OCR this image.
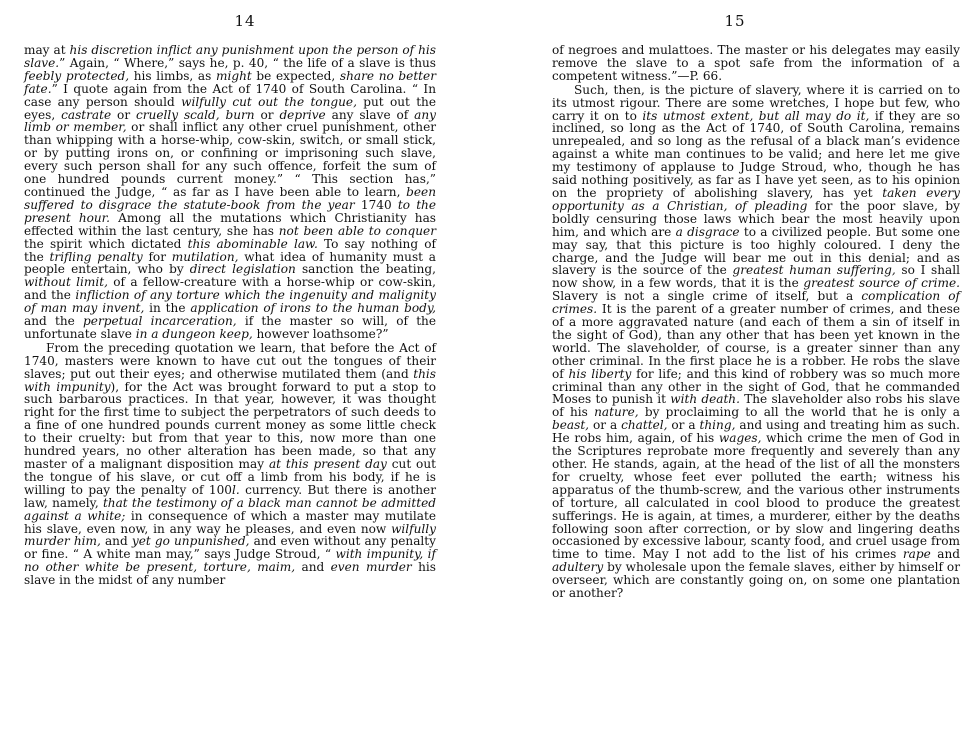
14

may at his discretion inflict any punishment upon the person of his slave.” Again, “ Where,” says he, p. 40, “ the life of a slave is thus feebly protected, his limbs, as might be expected, share no better fate.” I quote again from the Act of 1740 of South Carolina. “ In case any person should wilfully cut out the tongue, put out the eyes, castrate or cruelly scald, burn or deprive any slave of any limb or member, or shall inflict any other cruel punishment, other than whipping with a horse-whip, cow-skin, switch, or small stick, or by putting irons on, or confining or imprisoning such slave, every such person shall for any such offence, forfeit the sum of one hundred pounds current money.” “ This section has,” continued the Judge, “ as far as I have been able to learn, been suffered to disgrace the statute-book from the year 1740 to the present hour. Among all the mutations which Christianity has effected within the last century, she has not been able to conquer the spirit which dictated this abominable law. To say nothing of the trifling penalty for mutilation, what idea of humanity must a people entertain, who by direct legislation sanction the beating, without limit, of a fellow-creature with a horse-whip or cow-skin, and the infliction of any torture which the ingenuity and malignity of man may invent, in the application of irons to the human body, and the perpetual incarceration, if the master so will, of the unfortunate slave in a dungeon keep, however loathsome?”

From the preceding quotation we learn, that before the Act of 1740, masters were known to have cut out the tongues of their slaves; put out their eyes; and otherwise mutilated them (and this with impunity), for the Act was brought forward to put a stop to such barbarous practices. In that year, however, it was thought right for the first time to subject the perpetrators of such deeds to a fine of one hundred pounds current money as some little check to their cruelty: but from that year to this, now more than one hundred years, no other alteration has been made, so that any master of a malignant disposition may at this present day cut out the tongue of his slave, or cut off a limb from his body, if he is willing to pay the penalty of 100l. currency. But there is another law, namely, that the testimony of a black man cannot be admitted against a white; in consequence of which a master may mutilate his slave, even now, in any way he pleases, and even now wilfully murder him, and yet go unpunished, and even without any penalty or fine. “ A white man may,” says Judge Stroud, “ with impunity, if no other white be present, torture, maim, and even murder his slave in the midst of any number

15

of negroes and mulattoes. The master or his delegates may easily remove the slave to a spot safe from the information of a competent witness.”—P. 66.

Such, then, is the picture of slavery, where it is carried on to its utmost rigour. There are some wretches, I hope but few, who carry it on to its utmost extent, but all may do it, if they are so inclined, so long as the Act of 1740, of South Carolina, remains unrepealed, and so long as the refusal of a black man’s evidence against a white man continues to be valid; and here let me give my testimony of applause to Judge Stroud, who, though he has said nothing positively, as far as I have yet seen, as to his opinion on the propriety of abolishing slavery, has yet taken every opportunity as a Christian, of pleading for the poor slave, by boldly censuring those laws which bear the most heavily upon him, and which are a disgrace to a civilized people. But some one may say, that this picture is too highly coloured. I deny the charge, and the Judge will bear me out in this denial; and as slavery is the source of the greatest human suffering, so I shall now show, in a few words, that it is the greatest source of crime. Slavery is not a single crime of itself, but a complication of crimes. It is the parent of a greater number of crimes, and these of a more aggravated nature (and each of them a sin of itself in the sight of God), than any other that has been yet known in the world. The slaveholder, of course, is a greater sinner than any other criminal. In the first place he is a robber. He robs the slave of his liberty for life; and this kind of robbery was so much more criminal than any other in the sight of God, that he commanded Moses to punish it with death. The slaveholder also robs his slave of his nature, by proclaiming to all the world that he is only a beast, or a chattel, or a thing, and using and treating him as such. He robs him, again, of his wages, which crime the men of God in the Scriptures reprobate more frequently and severely than any other. He stands, again, at the head of the list of all the monsters for cruelty, whose feet ever polluted the earth; witness his apparatus of the thumb-screw, and the various other instruments of torture, all calculated in cool blood to produce the greatest sufferings. He is again, at times, a murderer, either by the deaths following soon after correction, or by slow and lingering deaths occasioned by excessive labour, scanty food, and cruel usage from time to time. May I not add to the list of his crimes rape and adultery by wholesale upon the female slaves, either by himself or overseer, which are constantly going on, on some one plantation or another?
